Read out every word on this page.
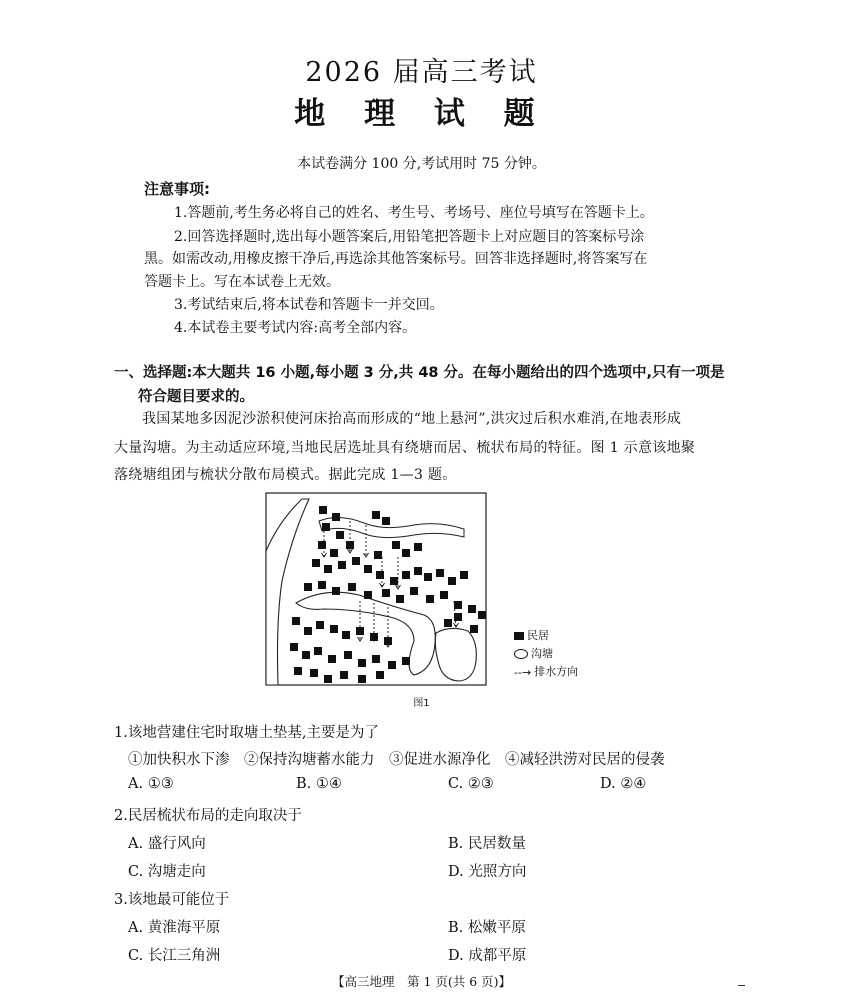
2026 届高三考试
地 理 试 题
本试卷满分 100 分,考试用时 75 分钟。
注意事项:
1.答题前,考生务必将自己的姓名、考生号、考场号、座位号填写在答题卡上。
2.回答选择题时,选出每小题答案后,用铅笔把答题卡上对应题目的答案标号涂
黑。如需改动,用橡皮擦干净后,再选涂其他答案标号。回答非选择题时,将答案写在
答题卡上。写在本试卷上无效。
3.考试结束后,将本试卷和答题卡一并交回。
4.本试卷主要考试内容:高考全部内容。
一、选择题:本大题共 16 小题,每小题 3 分,共 48 分。在每小题给出的四个选项中,只有一项是
符合题目要求的。
我国某地多因泥沙淤积使河床抬高而形成的“地上悬河”,洪灾过后积水难消,在地表形成
大量沟塘。为主动适应环境,当地民居选址具有绕塘而居、梳状布局的特征。图 1 示意该地聚
落绕塘组团与梳状分散布局模式。据此完成 1—3 题。
民居
沟塘
--→ 排水方向
图1
1.该地营建住宅时取塘土垫基,主要是为了
①加快积水下渗　②保持沟塘蓄水能力　③促进水源净化　④减轻洪涝对民居的侵袭
A. ①③	B. ①④	C. ②③	D. ②④
2.民居梳状布局的走向取决于
A. 盛行风向	B. 民居数量
C. 沟塘走向	D. 光照方向
3.该地最可能位于
A. 黄淮海平原	B. 松嫩平原
C. 长江三角洲	D. 成都平原
【高三地理　第 1 页(共 6 页)】
